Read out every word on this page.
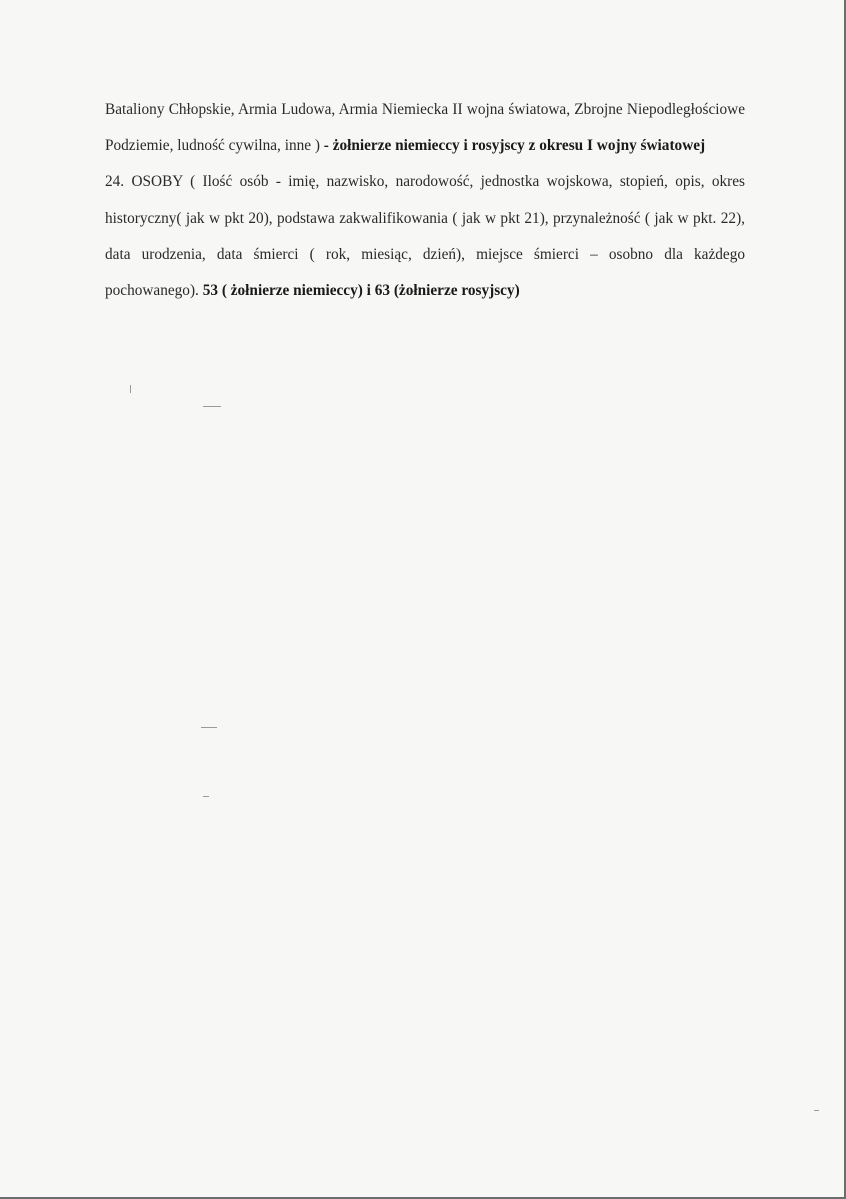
Bataliony Chłopskie, Armia Ludowa, Armia Niemiecka II wojna światowa, Zbrojne Niepodległościowe Podziemie, ludność cywilna, inne ) - żołnierze niemieccy i rosyjscy z okresu I wojny światowej

24. OSOBY ( Ilość osób - imię, nazwisko, narodowość, jednostka wojskowa, stopień, opis, okres historyczny( jak w pkt 20), podstawa zakwalifikowania ( jak w pkt 21), przynależność ( jak w pkt. 22), data urodzenia, data śmierci ( rok, miesiąc, dzień), miejsce śmierci – osobno dla każdego pochowanego). 53 ( żołnierze niemieccy) i 63 (żołnierze rosyjscy)
